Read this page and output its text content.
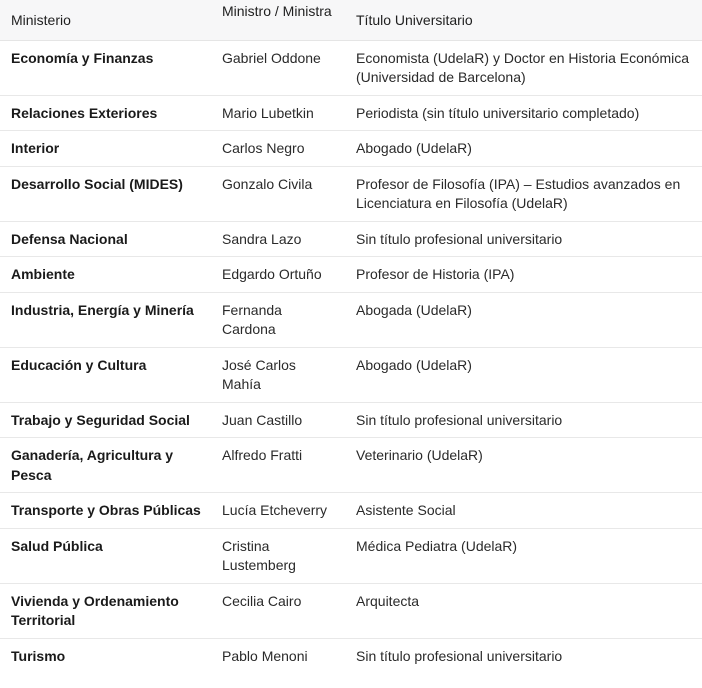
Ministerio	Ministro / Ministra	Título Universitario
Economía y Finanzas	Gabriel Oddone	Economista (UdelaR) y Doctor en Historia Económica (Universidad de Barcelona)
Relaciones Exteriores	Mario Lubetkin	Periodista (sin título universitario completado)
Interior	Carlos Negro	Abogado (UdelaR)
Desarrollo Social (MIDES)	Gonzalo Civila	Profesor de Filosofía (IPA) – Estudios avanzados en Licenciatura en Filosofía (UdelaR)
Defensa Nacional	Sandra Lazo	Sin título profesional universitario
Ambiente	Edgardo Ortuño	Profesor de Historia (IPA)
Industria, Energía y Minería	Fernanda Cardona	Abogada (UdelaR)
Educación y Cultura	José Carlos Mahía	Abogado (UdelaR)
Trabajo y Seguridad Social	Juan Castillo	Sin título profesional universitario
Ganadería, Agricultura y Pesca	Alfredo Fratti	Veterinario (UdelaR)
Transporte y Obras Públicas	Lucía Etcheverry	Asistente Social
Salud Pública	Cristina Lustemberg	Médica Pediatra (UdelaR)
Vivienda y Ordenamiento Territorial	Cecilia Cairo	Arquitecta
Turismo	Pablo Menoni	Sin título profesional universitario
